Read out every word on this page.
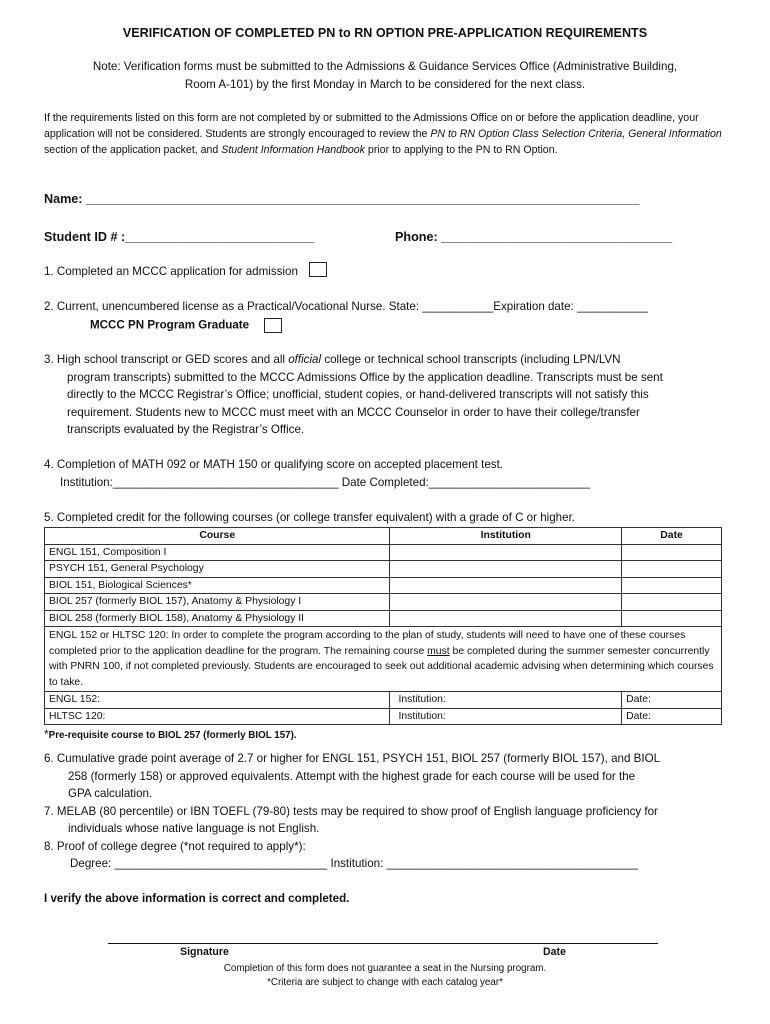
VERIFICATION OF COMPLETED PN to RN OPTION PRE-APPLICATION REQUIREMENTS
Note: Verification forms must be submitted to the Admissions & Guidance Services Office (Administrative Building,
Room A-101) by the first Monday in March to be considered for the next class.
If the requirements listed on this form are not completed by or submitted to the Admissions Office on or before the application deadline, your application will not be considered. Students are strongly encouraged to review the PN to RN Option Class Selection Criteria, General Information section of the application packet, and Student Information Handbook prior to applying to the PN to RN Option.
Name: _______________________________________________________________________________
Student ID # :___________________________	Phone: _________________________________
1. Completed an MCCC application for admission
2. Current, unencumbered license as a Practical/Vocational Nurse. State: ___________Expiration date: ___________
MCCC PN Program Graduate
3. High school transcript or GED scores and all official college or technical school transcripts (including LPN/LVN
program transcripts) submitted to the MCCC Admissions Office by the application deadline. Transcripts must be sent
directly to the MCCC Registrar’s Office; unofficial, student copies, or hand-delivered transcripts will not satisfy this
requirement. Students new to MCCC must meet with an MCCC Counselor in order to have their college/transfer
transcripts evaluated by the Registrar’s Office.
4. Completion of MATH 092 or MATH 150 or qualifying score on accepted placement test.
Institution:___________________________________ Date Completed:_________________________
5. Completed credit for the following courses (or college transfer equivalent) with a grade of C or higher.
Course	Institution	Date
ENGL 151, Composition I		
PSYCH 151, General Psychology		
BIOL 151, Biological Sciences*		
BIOL 257 (formerly BIOL 157), Anatomy & Physiology I		
BIOL 258 (formerly BIOL 158), Anatomy & Physiology II		
ENGL 152 or HLTSC 120: In order to complete the program according to the plan of study, students will need to have one of these courses completed prior to the application deadline for the program. The remaining course must be completed during the summer semester concurrently with PNRN 100, if not completed previously. Students are encouraged to seek out additional academic advising when determining which courses to take.		
ENGL 152:	Institution:	Date:
HLTSC 120:	Institution:	Date:
*Pre-requisite course to BIOL 257 (formerly BIOL 157).
6. Cumulative grade point average of 2.7 or higher for ENGL 151, PSYCH 151, BIOL 257 (formerly BIOL 157), and BIOL
258 (formerly 158) or approved equivalents. Attempt with the highest grade for each course will be used for the
GPA calculation.
7. MELAB (80 percentile) or IBN TOEFL (79-80) tests may be required to show proof of English language proficiency for
individuals whose native language is not English.
8. Proof of college degree (*not required to apply*):
Degree: _________________________________ Institution: _______________________________________
I verify the above information is correct and completed.
Signature	Date
Completion of this form does not guarantee a seat in the Nursing program.
*Criteria are subject to change with each catalog year*
